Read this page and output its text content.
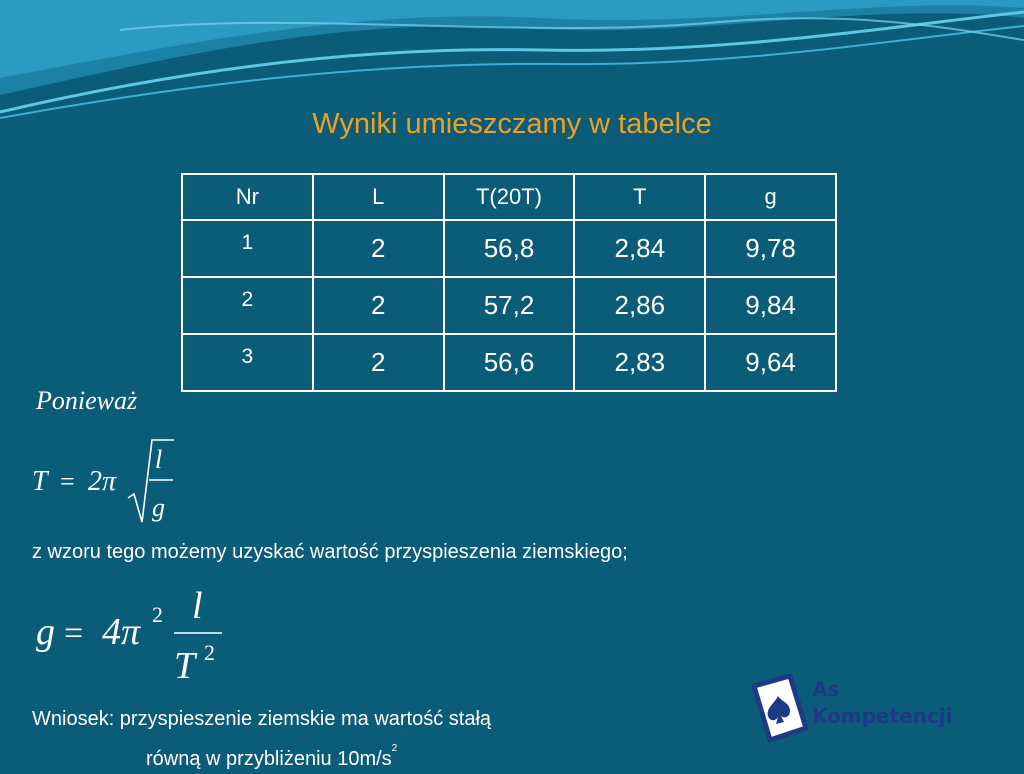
Wyniki umieszczamy w tabelce
Nr	L	T(20T)	T	g
1	2	56,8	2,84	9,78
2	2	57,2	2,86	9,84
3	2	56,6	2,83	9,64
Ponieważ
T = 2π
l
g
z wzoru tego możemy uzyskać wartość przyspieszenia ziemskiego;
g = 4π 2 l
T 2
Wniosek: przyspieszenie ziemskie ma wartość stałą
równą w przybliżeniu $10m/s^2$
As
Kompetencji
